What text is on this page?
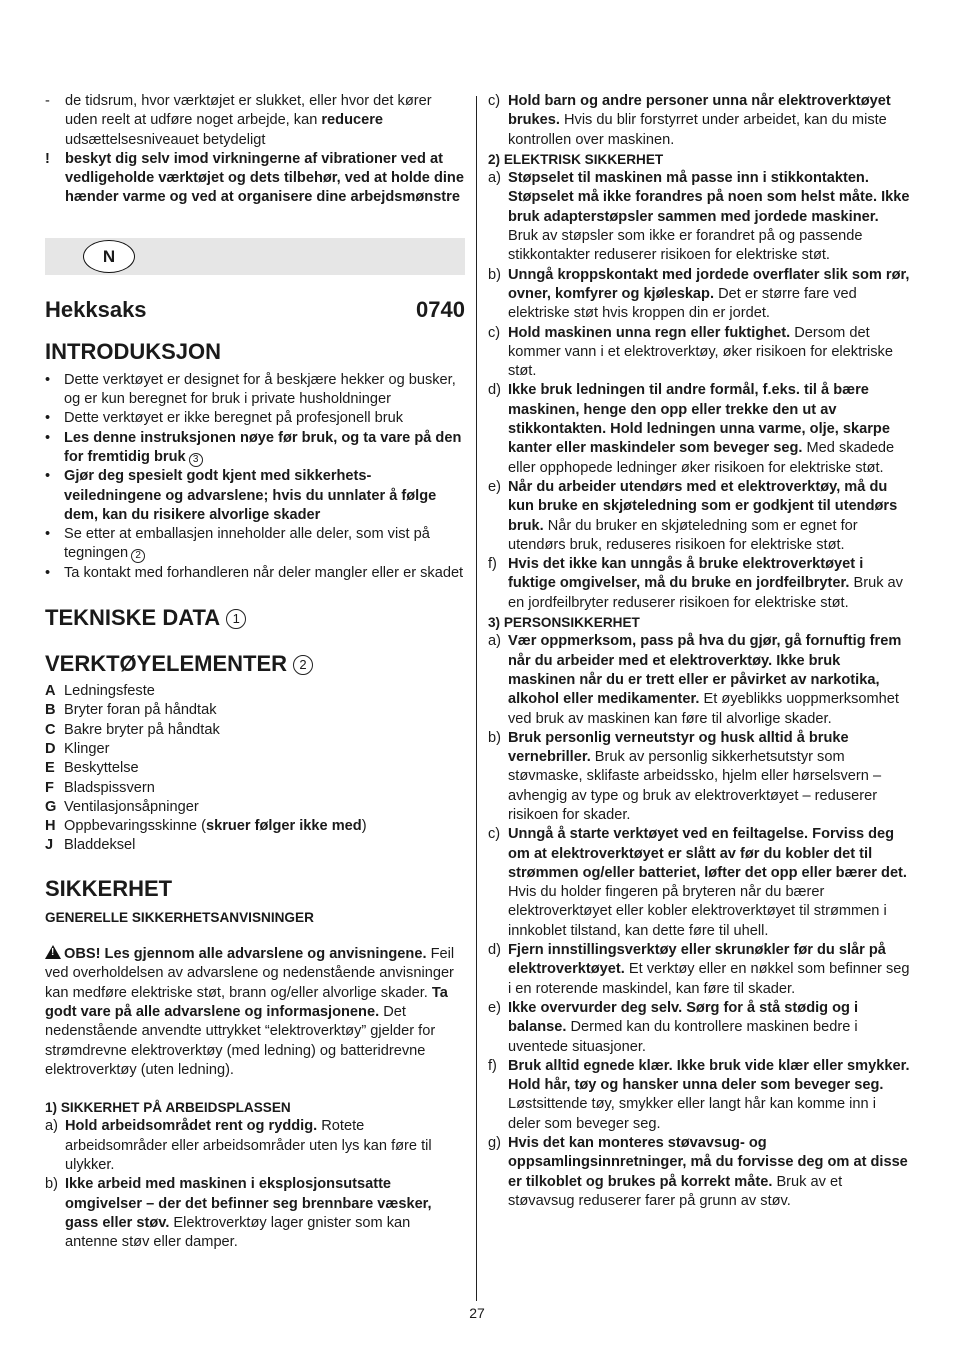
-	de tidsrum, hvor værktøjet er slukket, eller hvor det kører uden reelt at udføre noget arbejde, kan reducere udsættelsesniveauet betydeligt
!	beskyt dig selv imod virkningerne af vibrationer ved at vedligeholde værktøjet og dets tilbehør, ved at holde dine hænder varme og ved at organisere dine arbejdsmønstre
N
Hekksaks	0740
INTRODUKSJON
• Dette verktøyet er designet for å beskjære hekker og busker, og er kun beregnet for bruk i private husholdninger
• Dette verktøyet er ikke beregnet på profesjonell bruk
• Les denne instruksjonen nøye før bruk, og ta vare på den for fremtidig bruk 3
• Gjør deg spesielt godt kjent med sikkerhets-veiledningene og advarslene; hvis du unnlater å følge dem, kan du risikere alvorlige skader
• Se etter at emballasjen inneholder alle deler, som vist på tegningen 2
• Ta kontakt med forhandleren når deler mangler eller er skadet
TEKNISKE DATA 1
VERKTØYELEMENTER 2
A Ledningsfeste
B Bryter foran på håndtak
C Bakre bryter på håndtak
D Klinger
E Beskyttelse
F Bladspissvern
G Ventilasjonsåpninger
H Oppbevaringsskinne (skruer følger ikke med)
J Bladdeksel
SIKKERHET
GENERELLE SIKKERHETSANVISNINGER
!OBS! Les gjennom alle advarslene og anvisningene. Feil ved overholdelsen av advarslene og nedenstående anvisninger kan medføre elektriske støt, brann og/eller alvorlige skader. Ta godt vare på alle advarslene og informasjonene. Det nedenstående anvendte uttrykket “elektroverktøy” gjelder for strømdrevne elektroverktøy (med ledning) og batteridrevne elektroverktøy (uten ledning).
1) SIKKERHET PÅ ARBEIDSPLASSEN
a) Hold arbeidsområdet rent og ryddig. Rotete arbeidsområder eller arbeidsområder uten lys kan føre til ulykker.
b) Ikke arbeid med maskinen i eksplosjonsutsatte omgivelser – der det befinner seg brennbare væsker, gass eller støv. Elektroverktøy lager gnister som kan antenne støv eller damper.
c) Hold barn og andre personer unna når elektroverktøyet brukes. Hvis du blir forstyrret under arbeidet, kan du miste kontrollen over maskinen.
2) ELEKTRISK SIKKERHET
a) Støpselet til maskinen må passe inn i stikkontakten. Støpselet må ikke forandres på noen som helst måte. Ikke bruk adapterstøpsler sammen med jordede maskiner. Bruk av støpsler som ikke er forandret på og passende stikkontakter reduserer risikoen for elektriske støt.
b) Unngå kroppskontakt med jordede overflater slik som rør, ovner, komfyrer og kjøleskap. Det er større fare ved elektriske støt hvis kroppen din er jordet.
c) Hold maskinen unna regn eller fuktighet. Dersom det kommer vann i et elektroverktøy, øker risikoen for elektriske støt.
d) Ikke bruk ledningen til andre formål, f.eks. til å bære maskinen, henge den opp eller trekke den ut av stikkontakten. Hold ledningen unna varme, olje, skarpe kanter eller maskindeler som beveger seg. Med skadede eller opphopede ledninger øker risikoen for elektriske støt.
e) Når du arbeider utendørs med et elektroverktøy, må du kun bruke en skjøteledning som er godkjent til utendørs bruk. Når du bruker en skjøteledning som er egnet for utendørs bruk, reduseres risikoen for elektriske støt.
f) Hvis det ikke kan unngås å bruke elektroverktøyet i fuktige omgivelser, må du bruke en jordfeilbryter. Bruk av en jordfeilbryter reduserer risikoen for elektriske støt.
3) PERSONSIKKERHET
a) Vær oppmerksom, pass på hva du gjør, gå fornuftig frem når du arbeider med et elektroverktøy. Ikke bruk maskinen når du er trett eller er påvirket av narkotika, alkohol eller medikamenter. Et øyeblikks uoppmerksomhet ved bruk av maskinen kan føre til alvorlige skader.
b) Bruk personlig verneutstyr og husk alltid å bruke vernebriller. Bruk av personlig sikkerhetsutstyr som støvmaske, sklifaste arbeidssko, hjelm eller hørselsvern – avhengig av type og bruk av elektroverktøyet – reduserer risikoen for skader.
c) Unngå å starte verktøyet ved en feiltagelse. Forviss deg om at elektroverktøyet er slått av før du kobler det til strømmen og/eller batteriet, løfter det opp eller bærer det. Hvis du holder fingeren på bryteren når du bærer elektroverktøyet eller kobler elektroverktøyet til strømmen i innkoblet tilstand, kan dette føre til uhell.
d) Fjern innstillingsverktøy eller skrunøkler før du slår på elektroverktøyet. Et verktøy eller en nøkkel som befinner seg i en roterende maskindel, kan føre til skader.
e) Ikke overvurder deg selv. Sørg for å stå stødig og i balanse. Dermed kan du kontrollere maskinen bedre i uventede situasjoner.
f) Bruk alltid egnede klær. Ikke bruk vide klær eller smykker. Hold hår, tøy og hansker unna deler som beveger seg. Løstsittende tøy, smykker eller langt hår kan komme inn i deler som beveger seg.
g) Hvis det kan monteres støvavsug- og oppsamlingsinnretninger, må du forvisse deg om at disse er tilkoblet og brukes på korrekt måte. Bruk av et støvavsug reduserer farer på grunn av støv.
27
